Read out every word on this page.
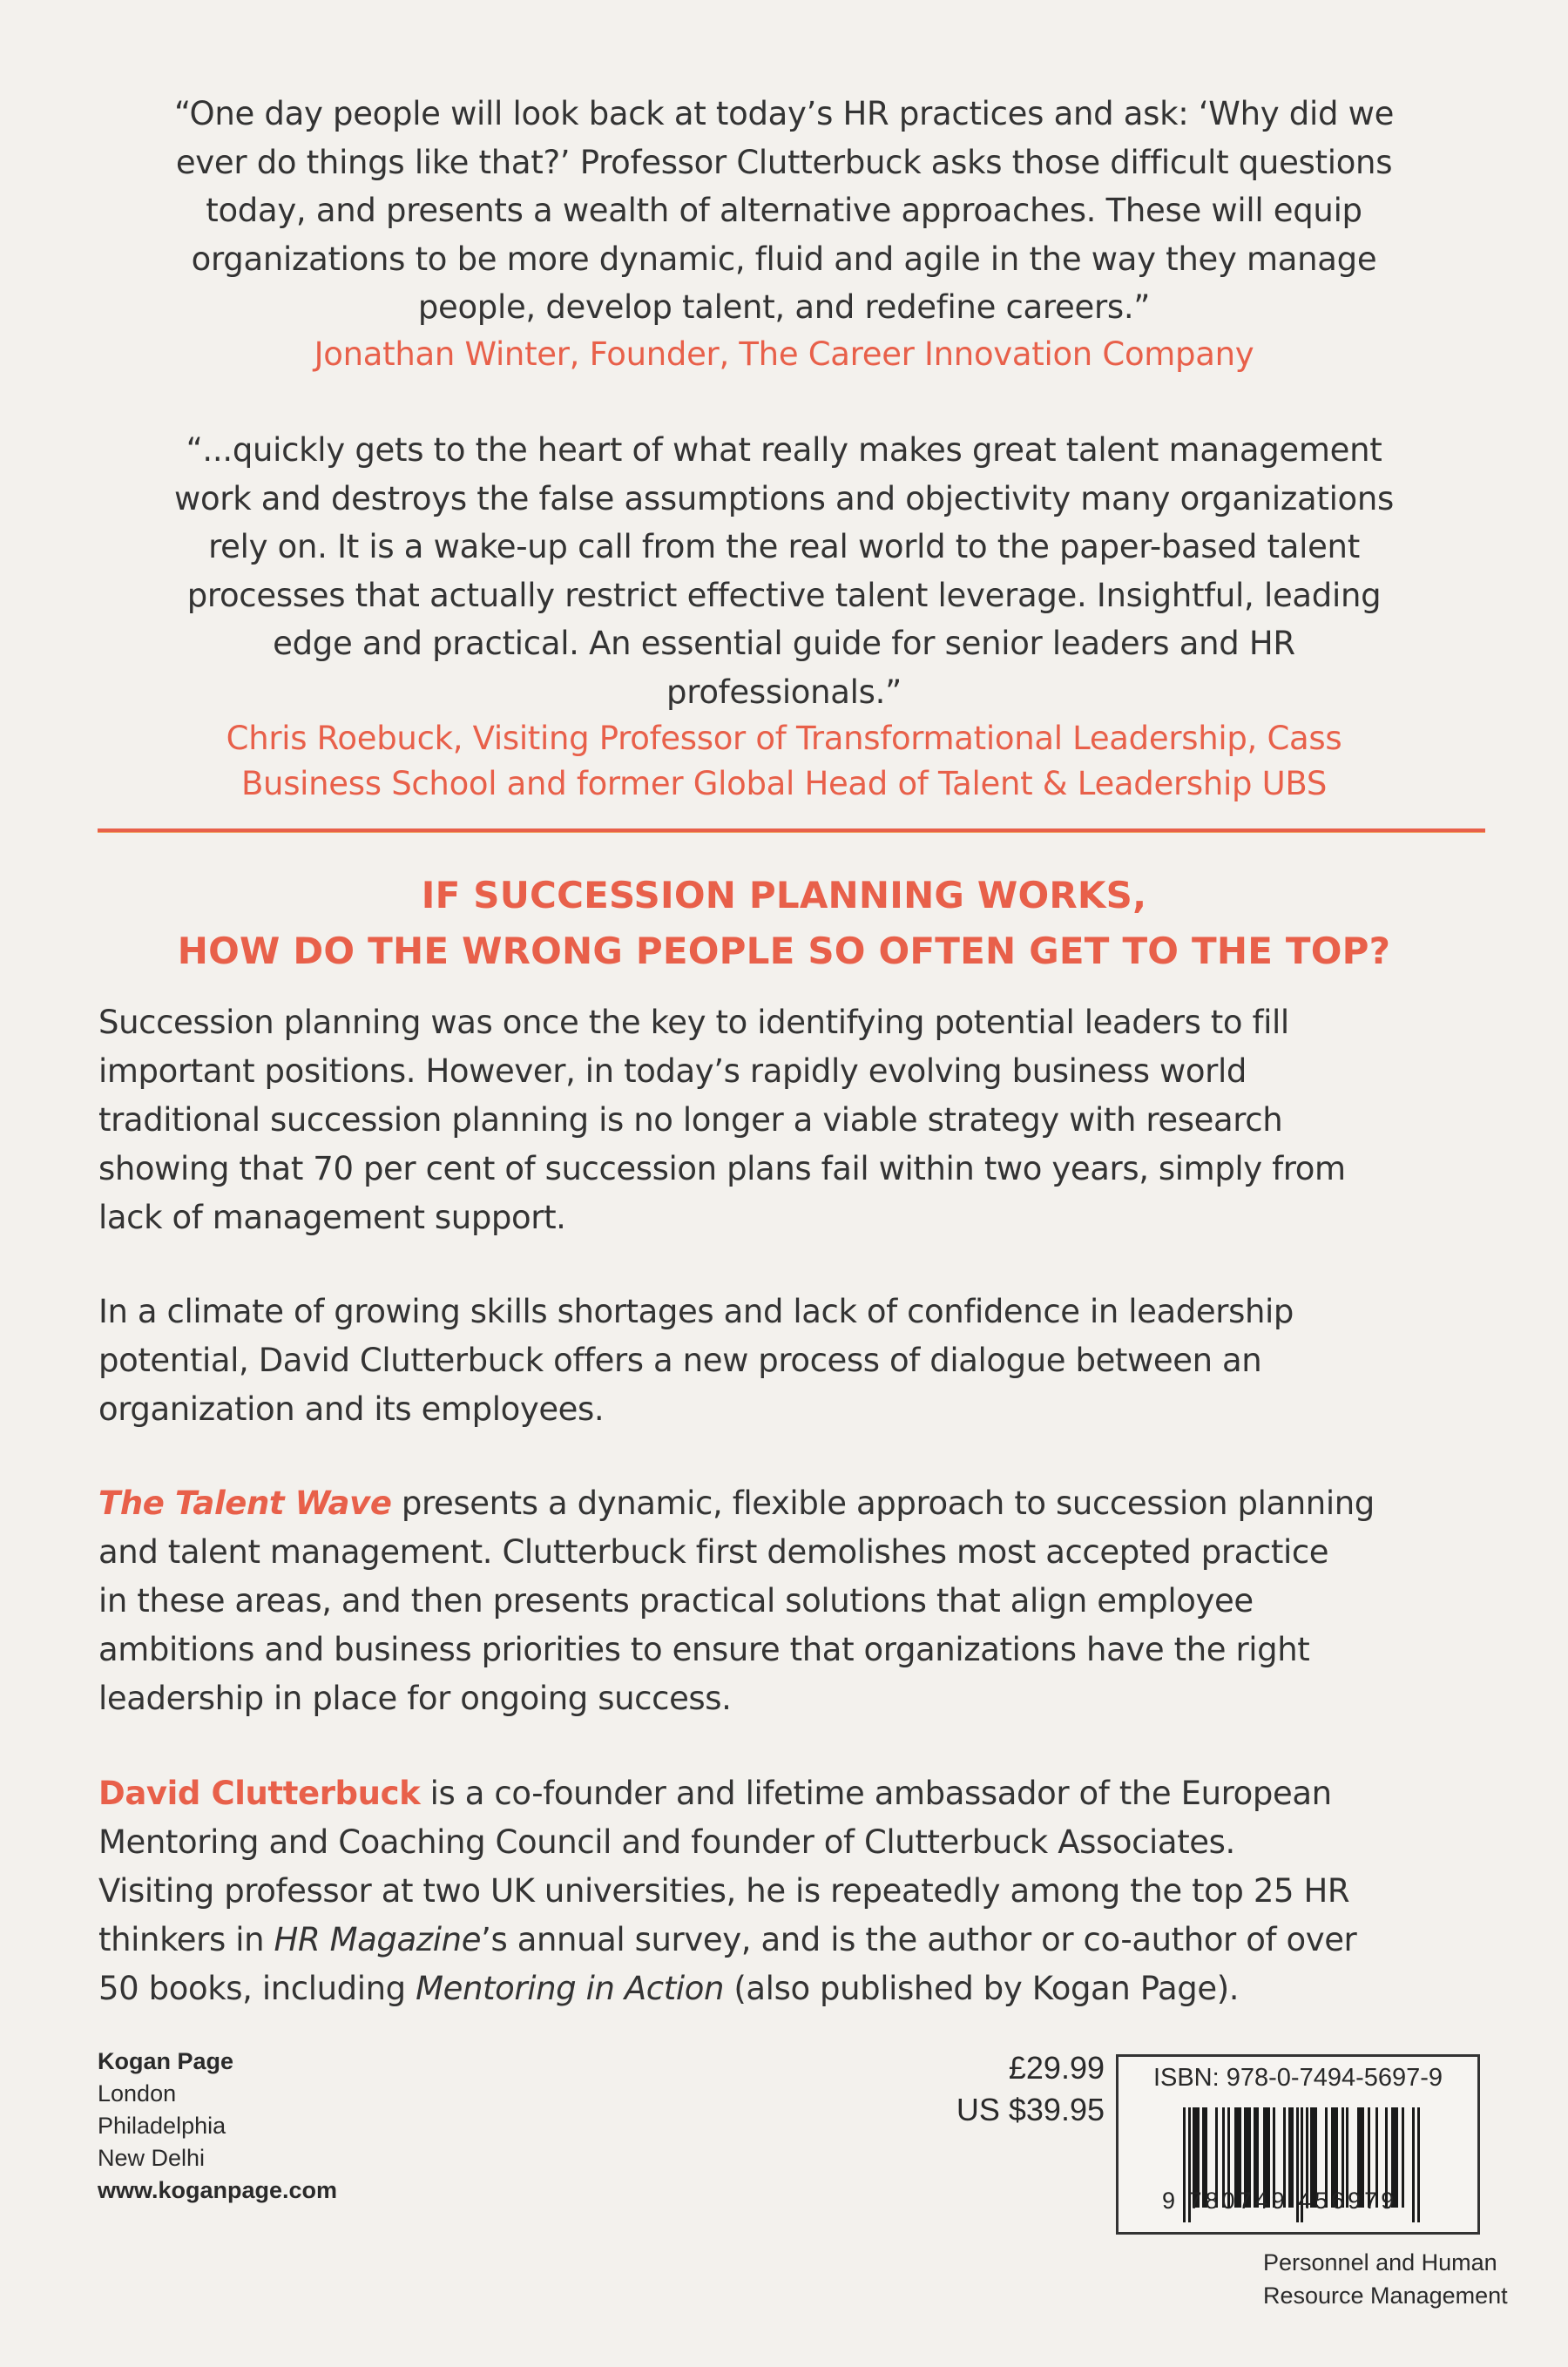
“One day people will look back at today’s HR practices and ask: ‘Why did we
ever do things like that?’ Professor Clutterbuck asks those difficult questions
today, and presents a wealth of alternative approaches. These will equip
organizations to be more dynamic, fluid and agile in the way they manage
people, develop talent, and redefine careers.”
Jonathan Winter, Founder, The Career Innovation Company
“...quickly gets to the heart of what really makes great talent management
work and destroys the false assumptions and objectivity many organizations
rely on. It is a wake-up call from the real world to the paper-based talent
processes that actually restrict effective talent leverage. Insightful, leading
edge and practical. An essential guide for senior leaders and HR
professionals.”
Chris Roebuck, Visiting Professor of Transformational Leadership, Cass
Business School and former Global Head of Talent & Leadership UBS
IF SUCCESSION PLANNING WORKS,
HOW DO THE WRONG PEOPLE SO OFTEN GET TO THE TOP?
Succession planning was once the key to identifying potential leaders to fill
important positions. However, in today’s rapidly evolving business world
traditional succession planning is no longer a viable strategy with research
showing that 70 per cent of succession plans fail within two years, simply from
lack of management support.
In a climate of growing skills shortages and lack of confidence in leadership
potential, David Clutterbuck offers a new process of dialogue between an
organization and its employees.
The Talent Wave presents a dynamic, flexible approach to succession planning
and talent management. Clutterbuck first demolishes most accepted practice
in these areas, and then presents practical solutions that align employee
ambitions and business priorities to ensure that organizations have the right
leadership in place for ongoing success.
David Clutterbuck is a co-founder and lifetime ambassador of the European
Mentoring and Coaching Council and founder of Clutterbuck Associates.
Visiting professor at two UK universities, he is repeatedly among the top 25 HR
thinkers in HR Magazine’s annual survey, and is the author or co-author of over
50 books, including Mentoring in Action (also published by Kogan Page).
Kogan Page
London
Philadelphia
New Delhi
www.koganpage.com
£29.99
US $39.95
ISBN: 978-0-7494-5697-9
9 780749 456979
Personnel and Human
Resource Management
